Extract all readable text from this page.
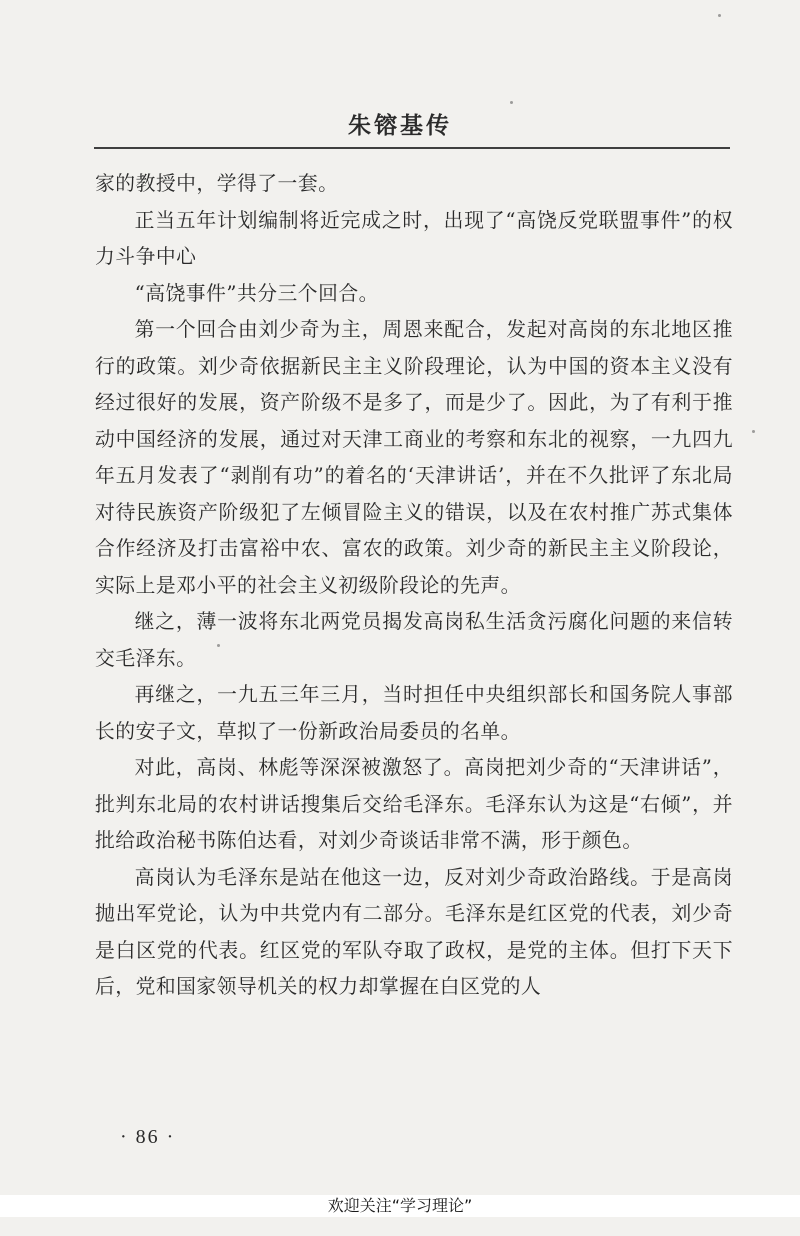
朱镕基传

家的教授中，学得了一套。

正当五年计划编制将近完成之时，出现了“高饶反党联盟事件”的权力斗争中心

“高饶事件”共分三个回合。

第一个回合由刘少奇为主，周恩来配合，发起对高岗的东北地区推行的政策。刘少奇依据新民主主义阶段理论，认为中国的资本主义没有经过很好的发展，资产阶级不是多了，而是少了。因此，为了有利于推动中国经济的发展，通过对天津工商业的考察和东北的视察，一九四九年五月发表了“剥削有功”的着名的‘天津讲话’，并在不久批评了东北局对待民族资产阶级犯了左倾冒险主义的错误，以及在农村推广苏式集体合作经济及打击富裕中农、富农的政策。刘少奇的新民主主义阶段论，实际上是邓小平的社会主义初级阶段论的先声。

继之，薄一波将东北两党员揭发高岗私生活贪污腐化问题的来信转交毛泽东。

再继之，一九五三年三月，当时担任中央组织部长和国务院人事部长的安子文，草拟了一份新政治局委员的名单。

对此，高岗、林彪等深深被激怒了。高岗把刘少奇的“天津讲话”，批判东北局的农村讲话搜集后交给毛泽东。毛泽东认为这是“右倾”，并批给政治秘书陈伯达看，对刘少奇谈话非常不满，形于颜色。

高岗认为毛泽东是站在他这一边，反对刘少奇政治路线。于是高岗抛出军党论，认为中共党内有二部分。毛泽东是红区党的代表，刘少奇是白区党的代表。红区党的军队夺取了政权，是党的主体。但打下天下后，党和国家领导机关的权力却掌握在白区党的人

· 86 ·
欢迎关注“学习理论”
